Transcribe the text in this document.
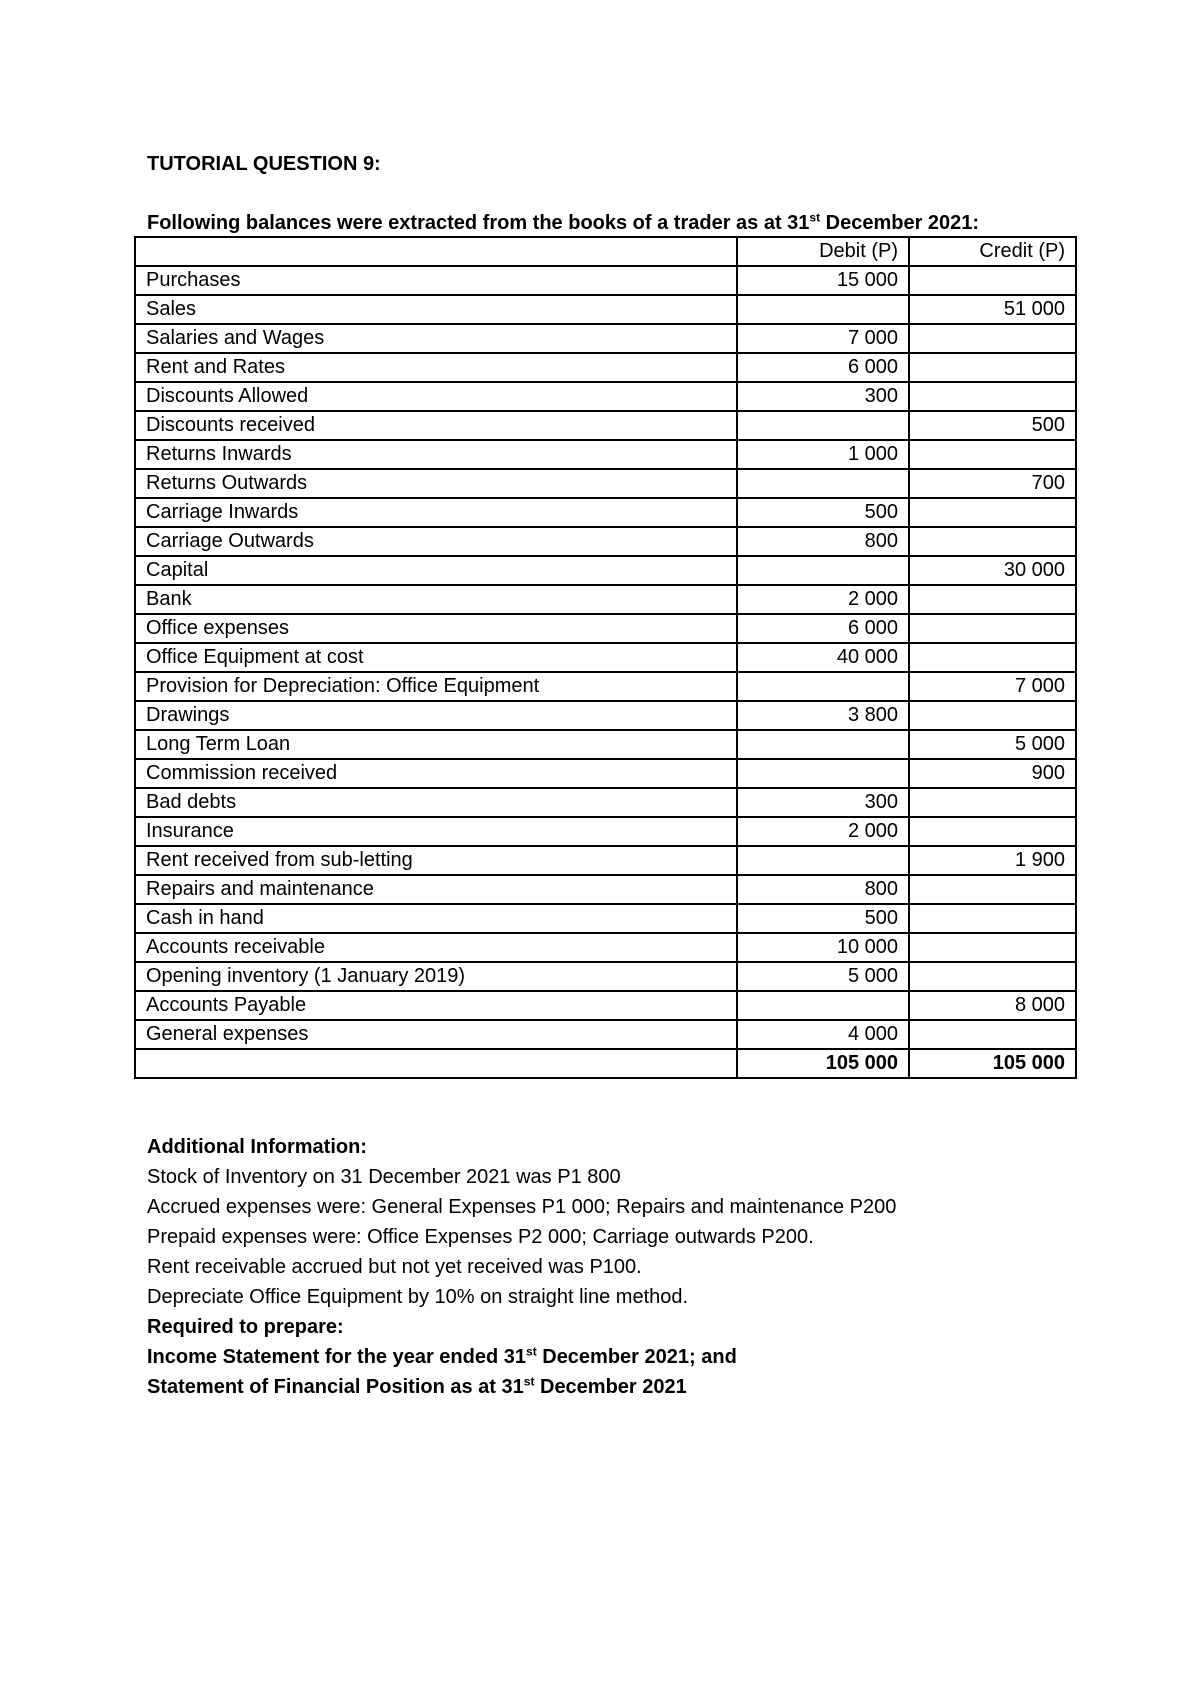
TUTORIAL QUESTION 9:
Following balances were extracted from the books of a trader as at 31st December 2021:
	Debit (P)	Credit (P)
Purchases	15 000	
Sales		51 000
Salaries and Wages	7 000	
Rent and Rates	6 000	
Discounts Allowed	300	
Discounts received		500
Returns Inwards	1 000	
Returns Outwards		700
Carriage Inwards	500	
Carriage Outwards	800	
Capital		30 000
Bank	2 000	
Office expenses	6 000	
Office Equipment at cost	40 000	
Provision for Depreciation: Office Equipment		7 000
Drawings	3 800	
Long Term Loan		5 000
Commission received		900
Bad debts	300	
Insurance	2 000	
Rent received from sub-letting		1 900
Repairs and maintenance	800	
Cash in hand	500	
Accounts receivable	10 000	
Opening inventory (1 January 2019)	5 000	
Accounts Payable		8 000
General expenses	4 000	
	105 000	105 000
Additional Information:
Stock of Inventory on 31 December 2021 was P1 800
Accrued expenses were: General Expenses P1 000; Repairs and maintenance P200
Prepaid expenses were: Office Expenses P2 000; Carriage outwards P200.
Rent receivable accrued but not yet received was P100.
Depreciate Office Equipment by 10% on straight line method.
Required to prepare:
Income Statement for the year ended 31st December 2021; and
Statement of Financial Position as at 31st December 2021
